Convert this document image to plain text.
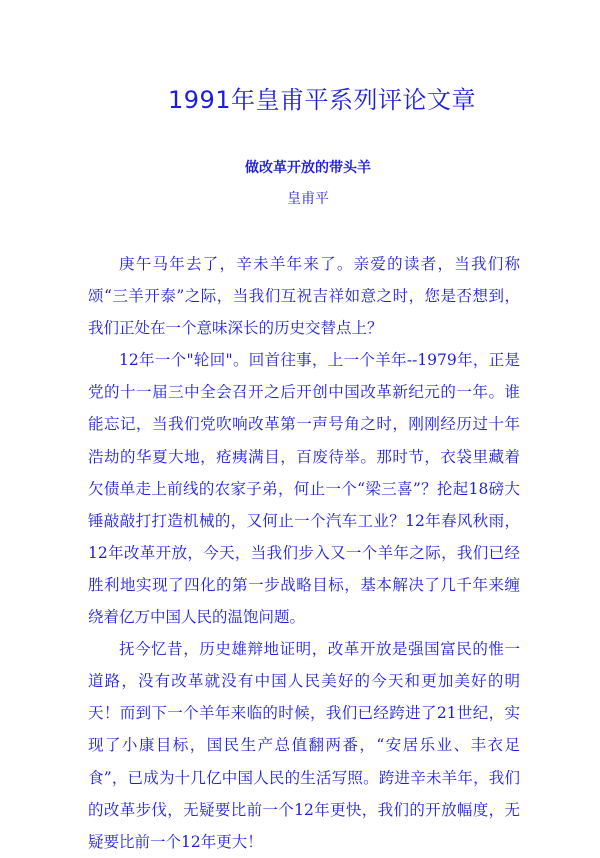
1991年皇甫平系列评论文章
做改革开放的带头羊
皇甫平

庚午马年去了，辛未羊年来了。亲爱的读者，当我们称颂“三羊开泰”之际，当我们互祝吉祥如意之时，您是否想到，我们正处在一个意味深长的历史交替点上？

12年一个"轮回"。回首往事，上一个羊年--1979年，正是党的十一届三中全会召开之后开创中国改革新纪元的一年。谁能忘记，当我们党吹响改革第一声号角之时，刚刚经历过十年浩劫的华夏大地，疮痍满目，百废待举。那时节，衣袋里藏着欠债单走上前线的农家子弟，何止一个“梁三喜”？抡起18磅大锤敲敲打打造机械的，又何止一个汽车工业？12年春风秋雨，12年改革开放，今天，当我们步入又一个羊年之际，我们已经胜利地实现了四化的第一步战略目标，基本解决了几千年来缠绕着亿万中国人民的温饱问题。

抚今忆昔，历史雄辩地证明，改革开放是强国富民的惟一道路，没有改革就没有中国人民美好的今天和更加美好的明天！而到下一个羊年来临的时候，我们已经跨进了21世纪，实现了小康目标，国民生产总值翻两番，“安居乐业、丰衣足食”，已成为十几亿中国人民的生活写照。跨进辛未羊年，我们的改革步伐，无疑要比前一个12年更快，我们的开放幅度，无疑要比前一个12年更大！
